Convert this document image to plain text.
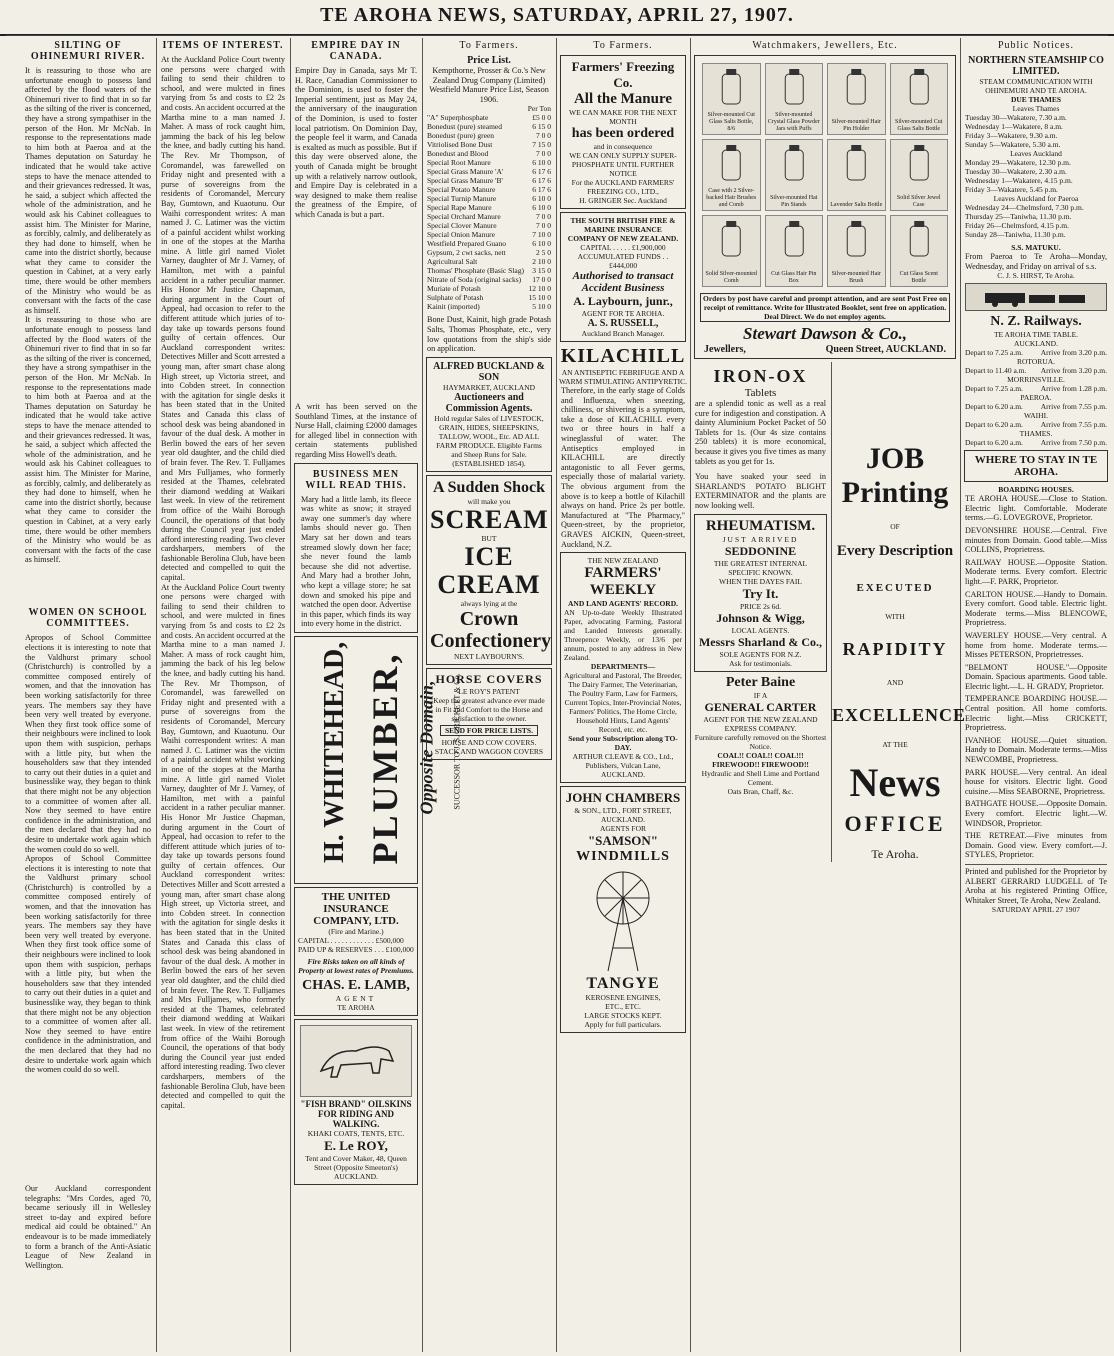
TE AROHA NEWS, SATURDAY, APRIL 27, 1907.
SILTING OF OHINEMURI RIVER.
It is reassuring to those who are unfortunate enough to possess land affected by the flood waters of the Ohinemuri river to find that in so far as the silting of the river is concerned, they have a strong sympathiser in the person of the Hon. Mr McNab. In response to the representations made to him both at Paeroa and at the Thames deputation on Saturday he indicated that he would take active steps to have the menace attended to and their grievances redressed. It was, he said, a subject which affected the whole of the administration, and he would ask his Cabinet colleagues to assist him. The Minister for Marine, as forcibly, calmly, and deliberately as they had done to himself, when he came into the district shortly, because what they came to consider the question in Cabinet, at a very early time, there would be other members of the Ministry who would be as conversant with the facts of the case as himself.
It is reassuring to those who are unfortunate enough to possess land affected by the flood waters of the Ohinemuri river to find that in so far as the silting of the river is concerned, they have a strong sympathiser in the person of the Hon. Mr McNab. In response to the representations made to him both at Paeroa and at the Thames deputation on Saturday he indicated that he would take active steps to have the menace attended to and their grievances redressed. It was, he said, a subject which affected the whole of the administration, and he would ask his Cabinet colleagues to assist him. The Minister for Marine, as forcibly, calmly, and deliberately as they had done to himself, when he came into the district shortly, because what they came to consider the question in Cabinet, at a very early time, there would be other members of the Ministry who would be as conversant with the facts of the case as himself.
WOMEN ON SCHOOL COMMITTEES.
Apropos of School Committee elections it is interesting to note that the Valdhurst primary school (Christchurch) is controlled by a committee composed entirely of women, and that the innovation has been working satisfactorily for three years. The members say they have been very well treated by everyone. When they first took office some of their neighbours were inclined to look upon them with suspicion, perhaps with a little pity, but when the householders saw that they intended to carry out their duties in a quiet and businesslike way, they began to think that there might not be any objection to a committee of women after all. Now they seemed to have entire confidence in the administration, and the men declared that they had no desire to undertake work again which the women could do so well.
Apropos of School Committee elections it is interesting to note that the Valdhurst primary school (Christchurch) is controlled by a committee composed entirely of women, and that the innovation has been working satisfactorily for three years. The members say they have been very well treated by everyone. When they first took office some of their neighbours were inclined to look upon them with suspicion, perhaps with a little pity, but when the householders saw that they intended to carry out their duties in a quiet and businesslike way, they began to think that there might not be any objection to a committee of women after all. Now they seemed to have entire confidence in the administration, and the men declared that they had no desire to undertake work again which the women could do so well.
Our Auckland correspondent telegraphs: "Mrs Cordes, aged 70, became seriously ill in Wellesley street to-day and expired before medical aid could be obtained." An endeavour is to be made immediately to form a branch of the Anti-Asiatic League of New Zealand in Wellington.
ITEMS OF INTEREST.
At the Auckland Police Court twenty one persons were charged with failing to send their children to school, and were mulcted in fines varying from 5s and costs to £2 2s and costs. An accident occurred at the Martha mine to a man named J. Maher. A mass of rock caught him, jamming the back of his leg below the knee, and badly cutting his hand. The Rev. Mr Thompson, of Coromandel, was farewelled on Friday night and presented with a purse of sovereigns from the residents of Coromandel, Mercury Bay, Gumtown, and Kuaotunu. Our Waihi correspondent writes: A man named J. C. Latimer was the victim of a painful accident whilst working in one of the stopes at the Martha mine. A little girl named Violet Varney, daughter of Mr J. Varney, of Hamilton, met with a painful accident in a rather peculiar manner. His Honor Mr Justice Chapman, during argument in the Court of Appeal, had occasion to refer to the different attitude which juries of to-day take up towards persons found guilty of certain offences. Our Auckland correspondent writes: Detectives Miller and Scott arrested a young man, after smart chase along High street, up Victoria street, and into Cobden street. In connection with the agitation for single desks it has been stated that in the United States and Canada this class of school desk was being abandoned in favour of the dual desk. A mother in Berlin bowed the ears of her seven year old daughter, and the child died of brain fever. The Rev. T. Fulljames and Mrs Fulljames, who formerly resided at the Thames, celebrated their diamond wedding at Waikari last week. In view of the retirement from office of the Waihi Borough Council, the operations of that body during the Council year just ended afford interesting reading. Two clever cardsharpers, members of the fashionable Berolina Club, have been detected and compelled to quit the capital.
At the Auckland Police Court twenty one persons were charged with failing to send their children to school, and were mulcted in fines varying from 5s and costs to £2 2s and costs. An accident occurred at the Martha mine to a man named J. Maher. A mass of rock caught him, jamming the back of his leg below the knee, and badly cutting his hand. The Rev. Mr Thompson, of Coromandel, was farewelled on Friday night and presented with a purse of sovereigns from the residents of Coromandel, Mercury Bay, Gumtown, and Kuaotunu. Our Waihi correspondent writes: A man named J. C. Latimer was the victim of a painful accident whilst working in one of the stopes at the Martha mine. A little girl named Violet Varney, daughter of Mr J. Varney, of Hamilton, met with a painful accident in a rather peculiar manner. His Honor Mr Justice Chapman, during argument in the Court of Appeal, had occasion to refer to the different attitude which juries of to-day take up towards persons found guilty of certain offences. Our Auckland correspondent writes: Detectives Miller and Scott arrested a young man, after smart chase along High street, up Victoria street, and into Cobden street. In connection with the agitation for single desks it has been stated that in the United States and Canada this class of school desk was being abandoned in favour of the dual desk. A mother in Berlin bowed the ears of her seven year old daughter, and the child died of brain fever. The Rev. T. Fulljames and Mrs Fulljames, who formerly resided at the Thames, celebrated their diamond wedding at Waikari last week. In view of the retirement from office of the Waihi Borough Council, the operations of that body during the Council year just ended afford interesting reading. Two clever cardsharpers, members of the fashionable Berolina Club, have been detected and compelled to quit the capital.
EMPIRE DAY IN CANADA.
Empire Day in Canada, says Mr T. H. Race, Canadian Commissioner to the Dominion, is used to foster the Imperial sentiment, just as May 24, the anniversary of the inauguration of the Dominion, is used to foster local patriotism. On Dominion Day, the people feel it warm, and Canada is exalted as much as possible. But if this day were observed alone, the youth of Canada might be brought up with a relatively narrow outlook, and Empire Day is celebrated in a way designed to make them realise the greatness of the Empire, of which Canada is but a part.
A writ has been served on the Southland Times, at the instance of Nurse Hall, claiming £2000 damages for alleged libel in connection with certain statements published regarding Miss Howell's death.
BUSINESS MEN WILL READ THIS.
Mary had a little lamb, its fleece was white as snow; it strayed away one summer's day where lambs should never go. Then Mary sat her down and tears streamed slowly down her face; she never found the lamb because she did not advertise. And Mary had a brother John, who kept a village store; he sat down and smoked his pipe and watched the open door. Advertise in this paper, which finds its way into every home in the district.
H. WHITEHEAD, PLUMBER, Opposite Domain, SUCCESSOR TO J. S. CRICKETT & Co.
THE UNITED INSURANCE COMPANY, LTD.
(Fire and Marine.)
CAPITAL . . . . . . . . . . . . £500,000
PAID UP & RESERVES . . . £100,000
Fire Risks taken on all kinds of Property at lowest rates of Premiums.
CHAS. E. LAMB,
AGENT
TE AROHA
"FISH BRAND" OILSKINS FOR RIDING AND WALKING.
KHAKI COATS, TENTS, ETC.
E. Le ROY,
Tent and Cover Maker, 48, Queen Street (Opposite Smeeton's) AUCKLAND.
To Farmers.
Price List.
Kempthorne, Prosser & Co.'s New Zealand Drug Company (Limited) Westfield Manure Price List, Season 1906.
Per Ton
"A" Superphosphate	£5 0 0
Bonedust (pure) steamed	6 15 0
Bonedust (pure) green	7 0 0
Vitriolised Bone Dust	7 15 0
Bonedust and Blood	7 0 0
Special Root Manure	6 10 0
Special Grass Manure 'A'	6 17 6
Special Grass Manure 'B'	6 17 6
Special Potato Manure	6 17 6
Special Turnip Manure	6 10 0
Special Rape Manure	6 10 0
Special Orchard Manure	7 0 0
Special Clover Manure	7 0 0
Special Onion Manure	7 10 0
Westfield Prepared Guano	6 10 0
Gypsum, 2 cwt sacks, nett	2 5 0
Agricultural Salt	2 10 0
Thomas' Phosphate (Basic Slag) 3 15 0
Nitrate of Soda (original sacks) 17 0 0
Muriate of Potash	12 10 0
Sulphate of Potash	15 10 0
Kainit (imported)	5 10 0
Bone Dust, Kainit, high grade Potash Salts, Thomas Phosphate, etc., very low quotations from the ship's side on application.
ALFRED BUCKLAND & SON
HAYMARKET, AUCKLAND
Auctioneers and Commission Agents.
Hold regular Sales of LIVESTOCK, GRAIN, HIDES, SHEEPSKINS, TALLOW, WOOL, Etc. AD ALL FARM PRODUCE. Eligible Farms and Sheep Runs for Sale. (ESTABLISHED 1854).
A Sudden Shock
will make you
SCREAM
BUT
ICE CREAM
always lying at the
Crown Confectionery
NEXT LAYBOURN'S.
HORSE COVERS
LE ROY'S PATENT
Keep the greatest advance ever made in Fit and Comfort to the Horse and satisfaction to the owner.
SEND FOR PRICE LISTS.
HORSE AND COW COVERS.
STACK AND WAGGON COVERS
To Farmers.
Farmers' Freezing Co.
All the Manure
WE CAN MAKE FOR THE NEXT MONTH
has been ordered
and in consequence
WE CAN ONLY SUPPLY SUPER-PHOSPHATE UNTIL FURTHER NOTICE
For the AUCKLAND FARMERS' FREEZING CO., LTD.,
H. GRINGER Sec. Auckland
THE SOUTH BRITISH FIRE & MARINE INSURANCE COMPANY OF NEW ZEALAND.
CAPITAL . . . . . £1,900,000
ACCUMULATED FUNDS . . £444,000
Authorised to transact Accident Business
A. Laybourn, junr.,
AGENT FOR TE AROHA.
A. S. RUSSELL,
Auckland Branch Manager.
KILACHILL
AN ANTISEPTIC FEBRIFUGE AND A WARM STIMULATING ANTIPYRETIC.
Therefore, in the early stage of Colds and Influenza, when sneezing, chilliness, or shivering is a symptom, take a dose of KILACHILL every two or three hours in half a wineglassful of water. The Antiseptics employed in KILACHILL are directly antagonistic to all Fever germs, especially those of malarial variety. The obvious argument from the above is to keep a bottle of Kilachill always on hand. Price 2s per bottle. Manufactured at "The Pharmacy," Queen-street, by the proprietor, GRAVES AICKIN, Queen-street, Auckland, N.Z.
THE NEW ZEALAND
FARMERS' WEEKLY
AND LAND AGENTS' RECORD.
AN Up-to-date Weekly Illustrated Paper, advocating Farming, Pastoral and Landed Interests generally. Threepence Weekly, or 13/6 per annum, posted to any address in New Zealand.
DEPARTMENTS—
Agricultural and Pastoral, The Breeder, The Dairy Farmer, The Veterinarian, The Poultry Farm, Law for Farmers, Current Topics, Inter-Provincial Notes, Farmers' Politics, The Home Circle, Household Hints, Land Agents' Record, etc. etc.
Send your Subscription along TO-DAY.
ARTHUR CLEAVE & CO., Ltd., Publishers, Vulcan Lane, AUCKLAND.
JOHN CHAMBERS
& SON., LTD., FORT STREET, AUCKLAND.
AGENTS FOR
"SAMSON"
WINDMILLS
TANGYE
KEROSENE ENGINES,
ETC., ETC.
LARGE STOCKS KEPT.
Apply for full particulars.
Watchmakers, Jewellers, Etc.
Silver-mounted Cut Glass Salts Bottle, 8/6
Silver-mounted Crystal Glass Powder Jars with Puffs
Silver-mounted Hair Pin Holder
Silver-mounted Cut Glass Salts Bottle
Case with 2 Silver-backed Hair Brushes and Comb
Silver-mounted Hat Pin Stands	Lavender Salts Bottle
Solid Silver Jewel Case
Solid Silver-mounted Comb
Cut Glass Hair Pin Box
Silver-mounted Hair Brush
Cut Glass Scent Bottle
Orders by post have careful and prompt attention, and are sent Post Free on receipt of remittance. Write for Illustrated Booklet, sent free on application. Deal Direct. We do not employ agents.
Stewart Dawson & Co.,
Jewellers,	Queen Street, AUCKLAND.
IRON-OX
Tablets
are a splendid tonic as well as a real cure for indigestion and constipation. A dainty Aluminium Pocket Packet of 50 Tablets for 1s. (Our 4s size contains 250 tablets) it is more economical, because it gives you five times as many tablets as you get for 1s.
You have soaked your seed in SHARLAND'S POTATO BLIGHT EXTERMINATOR and the plants are now looking well.
RHEUMATISM.
JUST ARRIVED
SEDDONINE
THE GREATEST INTERNAL
SPECIFIC KNOWN.
WHEN THE DAYES FAIL
Try It.
PRICE 2s 6d.
Johnson & Wigg,
LOCAL AGENTS.
Messrs Sharland & Co.,
SOLE AGENTS FOR N.Z.
Ask for testimonials.
Peter Baine
IF A
GENERAL CARTER
AGENT FOR THE NEW ZEALAND EXPRESS COMPANY.
Furniture carefully removed on the Shortest Notice.
COAL!! COAL!! COAL!!!
FIREWOOD!! FIREWOOD!!
Hydraulic and Shell Lime and Portland Cement.
Oats Bran, Chaff, &c.
JOB
Printing
OF
Every Description
EXECUTED
WITH
RAPIDITY
AND
EXCELLENCE
AT THE
News
OFFICE
Te Aroha.
Public Notices.
NORTHERN STEAMSHIP CO LIMITED.
STEAM COMMUNICATION WITH OHINEMURI AND TE AROHA.
DUE THAMES
Leaves Thames
Tuesday 30—Wakatere, 7.30 a.m.
Wednesday 1—Wakatere, 8 a.m.
Friday 3—Wakatere, 9.30 a.m.
Sunday 5—Wakatere, 5.30 a.m.
Leaves Auckland
Monday 29—Wakatere, 12.30 p.m.
Tuesday 30—Wakatere, 2.30 a.m.
Wednesday 1—Wakatere, 4.15 p.m.
Friday 3—Wakatere, 5.45 p.m.
Leaves Auckland for Paeroa
Wednesday 24—Chelmsford, 7.30 p.m.
Thursday 25—Taniwha, 11.30 p.m.
Friday 26—Chelmsford, 4.15 p.m.
Sunday 28—Taniwha, 11.30 p.m.
S.S. MATUKU.
From Paeroa to Te Aroha—Monday, Wednesday, and Friday on arrival of s.s.
C. J. S. HIRST, Te Aroha.
N. Z. Railways.
TE AROHA TIME TABLE.
AUCKLAND.
Depart to 7.25 a.m. Arrive from 3.20 p.m.
ROTORUA.
Depart to 11.40 a.m. Arrive from 3.20 p.m.
MORRINSVILLE.
Depart to 7.25 a.m. Arrive from 1.28 p.m.
PAEROA.
Depart to 6.20 a.m. Arrive from 7.55 p.m.
WAIHI.
Depart to 6.20 a.m. Arrive from 7.55 p.m.
THAMES.
Depart to 6.20 a.m. Arrive from 7.50 p.m.
WHERE TO STAY IN TE AROHA.
BOARDING HOUSES.
TE AROHA HOUSE.—Close to Station. Electric light. Comfortable. Moderate terms.—G. LOVEGROVE, Proprietor.
DEVONSHIRE HOUSE.—Central. Five minutes from Domain. Good table.—Miss COLLINS, Proprietress.
RAILWAY HOUSE.—Opposite Station. Moderate terms. Every comfort. Electric light.—F. PARK, Proprietor.
CARLTON HOUSE.—Handy to Domain. Every comfort. Good table. Electric light. Moderate terms.—Miss BLENCOWE, Proprietress.
WAVERLEY HOUSE.—Very central. A home from home. Moderate terms.—Misses PETERSON, Proprietresses.
"BELMONT HOUSE."—Opposite Domain. Spacious apartments. Good table. Electric light.—L. H. GRADY, Proprietor.
TEMPERANCE BOARDING HOUSE.—Central position. All home comforts. Electric light.—Miss CRICKETT, Proprietress.
IVANHOE HOUSE.—Quiet situation. Handy to Domain. Moderate terms.—Miss NEWCOMBE, Proprietress.
PARK HOUSE.—Very central. An ideal house for visitors. Electric light. Good cuisine.—Miss SEABORNE, Proprietress.
BATHGATE HOUSE.—Opposite Domain. Every comfort. Electric light.—W. WINDSOR, Proprietor.
THE RETREAT.—Five minutes from Domain. Good view. Every comfort.—J. STYLES, Proprietor.
Printed and published for the Proprietor by ALBERT GERRARD LUDGELL of Te Aroha at his registered Printing Office, Whitaker Street, Te Aroha, New Zealand.
SATURDAY APRIL 27 1907
